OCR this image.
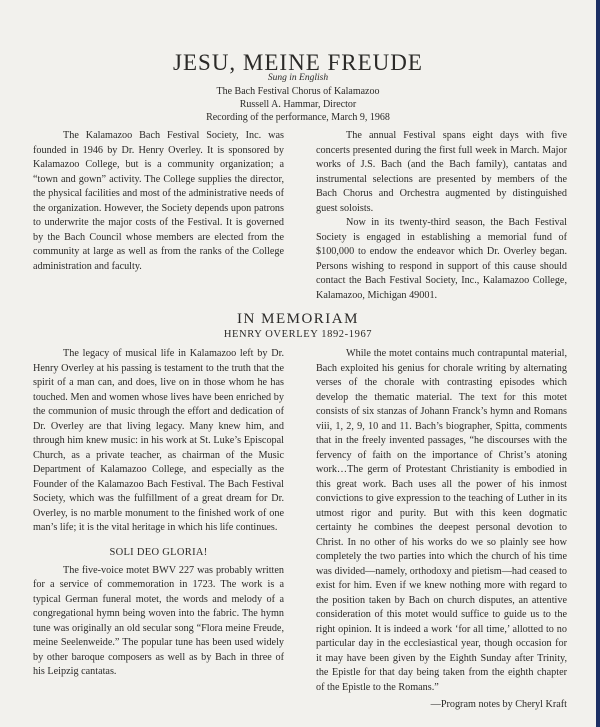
JESU, MEINE FREUDE
Sung in English
The Bach Festival Chorus of Kalamazoo
Russell A. Hammar, Director
Recording of the performance, March 9, 1968

The Kalamazoo Bach Festival Society, Inc. was founded in 1946 by Dr. Henry Overley. It is sponsored by Kalamazoo College, but is a community organization; a “town and gown” activity. The College supplies the director, the physical facilities and most of the administrative needs of the organization. However, the Society depends upon patrons to underwrite the major costs of the Festival. It is governed by the Bach Council whose members are elected from the community at large as well as from the ranks of the College administration and faculty.

The annual Festival spans eight days with five concerts presented during the first full week in March. Major works of J.S. Bach (and the Bach family), cantatas and instrumental selections are presented by members of the Bach Chorus and Orchestra augmented by distinguished guest soloists.

Now in its twenty-third season, the Bach Festival Society is engaged in establishing a memorial fund of $100,000 to endow the endeavor which Dr. Overley began. Persons wishing to respond in support of this cause should contact the Bach Festival Society, Inc., Kalamazoo College, Kalamazoo, Michigan 49001.

IN MEMORIAM
HENRY OVERLEY 1892-1967

The legacy of musical life in Kalamazoo left by Dr. Henry Overley at his passing is testament to the truth that the spirit of a man can, and does, live on in those whom he has touched. Men and women whose lives have been enriched by the communion of music through the effort and dedication of Dr. Overley are that living legacy. Many knew him, and through him knew music: in his work at St. Luke’s Episcopal Church, as a private teacher, as chairman of the Music Department of Kalamazoo College, and especially as the Founder of the Kalamazoo Bach Festival. The Bach Festival Society, which was the fulfillment of a great dream for Dr. Overley, is no marble monument to the finished work of one man’s life; it is the vital heritage in which his life continues.

SOLI DEO GLORIA!

The five-voice motet BWV 227 was probably written for a service of commemoration in 1723. The work is a typical German funeral motet, the words and melody of a congregational hymn being woven into the fabric. The hymn tune was originally an old secular song “Flora meine Freude, meine Seelenweide.” The popular tune has been used widely by other baroque composers as well as by Bach in three of his Leipzig cantatas.

While the motet contains much contrapuntal material, Bach exploited his genius for chorale writing by alternating verses of the chorale with contrasting episodes which develop the thematic material. The text for this motet consists of six stanzas of Johann Franck’s hymn and Romans viii, 1, 2, 9, 10 and 11. Bach’s biographer, Spitta, comments that in the freely invented passages, “he discourses with the fervency of faith on the importance of Christ’s atoning work…The germ of Protestant Christianity is embodied in this great work. Bach uses all the power of his inmost convictions to give expression to the teaching of Luther in its utmost rigor and purity. But with this keen dogmatic certainty he combines the deepest personal devotion to Christ. In no other of his works do we so plainly see how completely the two parties into which the church of his time was divided—namely, orthodoxy and pietism—had ceased to exist for him. Even if we knew nothing more with regard to the position taken by Bach on church disputes, an attentive consideration of this motet would suffice to guide us to the right opinion. It is indeed a work ‘for all time,’ allotted to no particular day in the ecclesiastical year, though occasion for it may have been given by the Eighth Sunday after Trinity, the Epistle for that day being taken from the eighth chapter of the Epistle to the Romans.”

—Program notes by Cheryl Kraft
